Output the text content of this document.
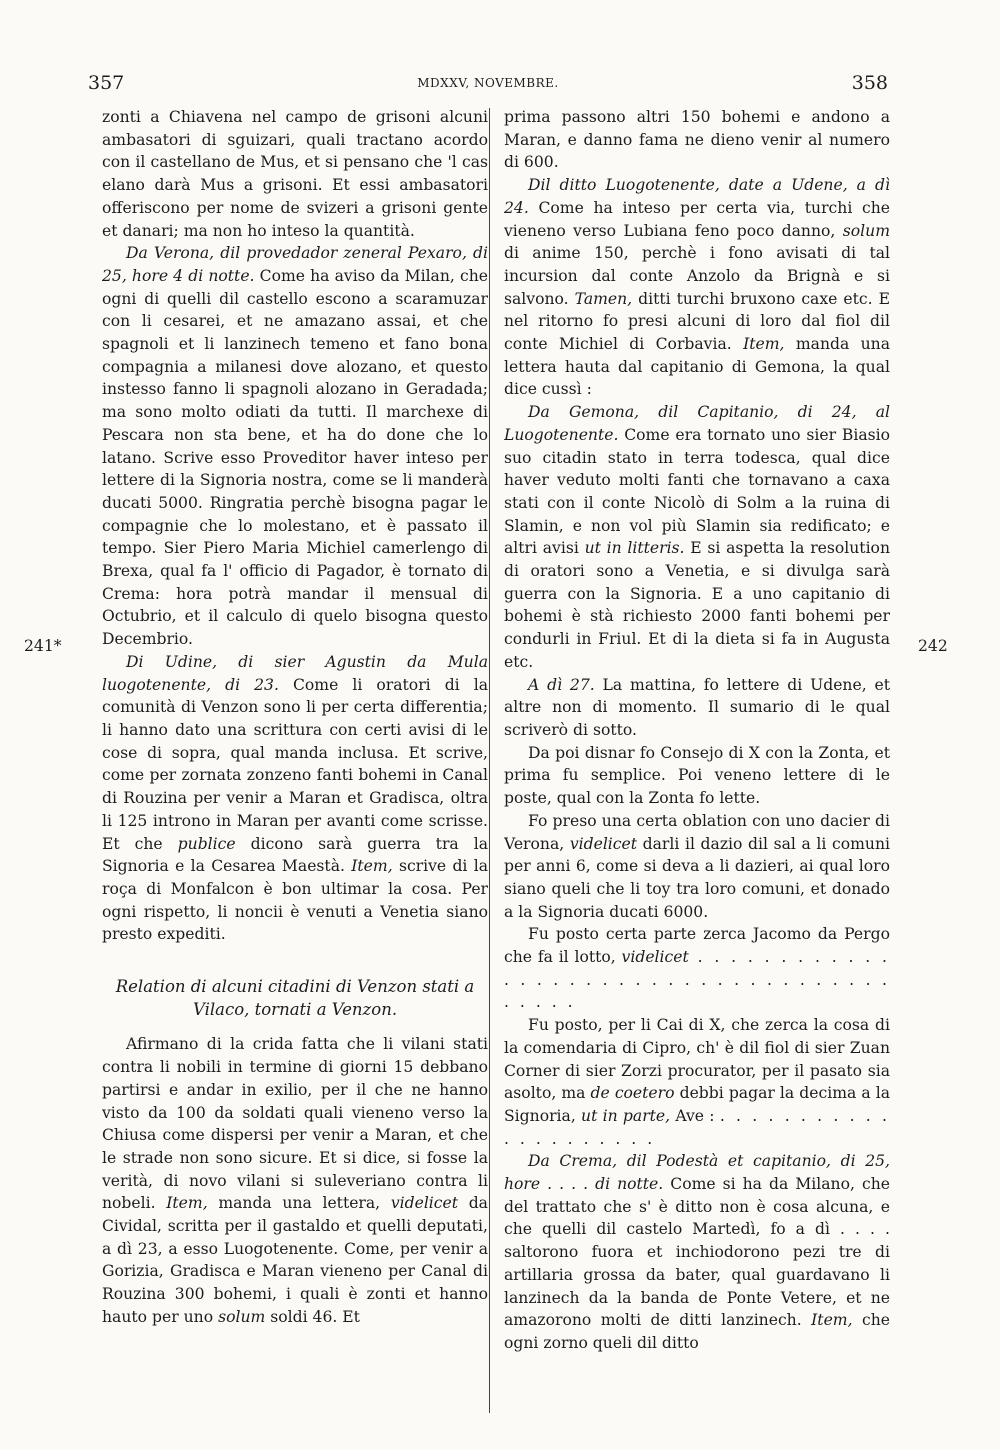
357	MDXXV, NOVEMBRE.	358
241*	242

zonti a Chiavena nel campo de grisoni alcuni ambasatori di sguizari, quali tractano acordo con il castellano de Mus, et si pensano che 'l cas elano darà Mus a grisoni. Et essi ambasatori offeriscono per nome de svizeri a grisoni gente et danari; ma non ho inteso la quantità.

Da Verona, dil provedador zeneral Pexaro, di 25, hore 4 di notte. Come ha aviso da Milan, che ogni di quelli dil castello escono a scaramuzar con li cesarei, et ne amazano assai, et che spagnoli et li lanzinech temeno et fano bona compagnia a milanesi dove alozano, et questo instesso fanno li spagnoli alozano in Geradada; ma sono molto odiati da tutti. Il marchexe di Pescara non sta bene, et ha do done che lo latano. Scrive esso Proveditor haver inteso per lettere di la Signoria nostra, come se li manderà ducati 5000. Ringratia perchè bisogna pagar le compagnie che lo molestano, et è passato il tempo. Sier Piero Maria Michiel camerlengo di Brexa, qual fa l' officio di Pagador, è tornato di Crema: hora potrà mandar il mensual di Octubrio, et il calculo di quelo bisogna questo Decembrio.

Di Udine, di sier Agustin da Mula luogotenente, di 23. Come li oratori di la comunità di Venzon sono li per certa differentia; li hanno dato una scrittura con certi avisi di le cose di sopra, qual manda inclusa. Et scrive, come per zornata zonzeno fanti bohemi in Canal di Rouzina per venir a Maran et Gradisca, oltra li 125 introno in Maran per avanti come scrisse. Et che publice dicono sarà guerra tra la Signoria e la Cesarea Maestà. Item, scrive di la roça di Monfalcon è bon ultimar la cosa. Per ogni rispetto, li noncii è venuti a Venetia siano presto expediti.

Relation di alcuni citadini di Venzon stati a
Vilaco, tornati a Venzon.

Afirmano di la crida fatta che li vilani stati contra li nobili in termine di giorni 15 debbano partirsi e andar in exilio, per il che ne hanno visto da 100 da soldati quali vieneno verso la Chiusa come dispersi per venir a Maran, et che le strade non sono sicure. Et si dice, si fosse la verità, di novo vilani si suleveriano contra li nobeli. Item, manda una lettera, videlicet da Cividal, scritta per il gastaldo et quelli deputati, a dì 23, a esso Luogotenente. Come, per venir a Gorizia, Gradisca e Maran vieneno per Canal di Rouzina 300 bohemi, i quali è zonti et hanno hauto per uno solum soldi 46. Et

prima passono altri 150 bohemi e andono a Maran, e danno fama ne dieno venir al numero di 600.

Dil ditto Luogotenente, date a Udene, a dì 24. Come ha inteso per certa via, turchi che vieneno verso Lubiana feno poco danno, solum di anime 150, perchè i fono avisati di tal incursion dal conte Anzolo da Brignà e si salvono. Tamen, ditti turchi bruxono caxe etc. E nel ritorno fo presi alcuni di loro dal fiol dil conte Michiel di Corbavia. Item, manda una lettera hauta dal capitanio di Gemona, la qual dice cussì :

Da Gemona, dil Capitanio, di 24, al Luogotenente. Come era tornato uno sier Biasio suo citadin stato in terra todesca, qual dice haver veduto molti fanti che tornavano a caxa stati con il conte Nicolò di Solm a la ruina di Slamin, e non vol più Slamin sia redificato; e altri avisi ut in litteris. E si aspetta la resolution di oratori sono a Venetia, e si divulga sarà guerra con la Signoria. E a uno capitanio di bohemi è stà richiesto 2000 fanti bohemi per condurli in Friul. Et di la dieta si fa in Augusta etc.

A dì 27. La mattina, fo lettere di Udene, et altre non di momento. Il sumario di le qual scriverò di sotto.

Da poi disnar fo Consejo di X con la Zonta, et prima fu semplice. Poi veneno lettere di le poste, qual con la Zonta fo lette.

Fo preso una certa oblation con uno dacier di Verona, videlicet darli il dazio dil sal a li comuni per anni 6, come si deva a li dazieri, ai qual loro siano queli che li toy tra loro comuni, et donado a la Signoria ducati 6000.

Fu posto certa parte zerca Jacomo da Pergo che fa il lotto, videlicet . . . . . . . . . . . . . . . . . . . . . . . . . . . . . . . . . . . . . . . . .

Fu posto, per li Cai di X, che zerca la cosa di la comendaria di Cipro, ch' è dil fiol di sier Zuan Corner di sier Zorzi procurator, per il pasato sia asolto, ma de coetero debbi pagar la decima a la Signoria, ut in parte, Ave : . . . . . . . . . . . . . . . . . . . . .

Da Crema, dil Podestà et capitanio, di 25, hore . . . . di notte. Come si ha da Milano, che del trattato che s' è ditto non è cosa alcuna, e che quelli dil castelo Martedì, fo a dì . . . . saltorono fuora et inchiodorono pezi tre di artillaria grossa da bater, qual guardavano li lanzinech da la banda de Ponte Vetere, et ne amazorono molti de ditti lanzinech. Item, che ogni zorno queli dil ditto
